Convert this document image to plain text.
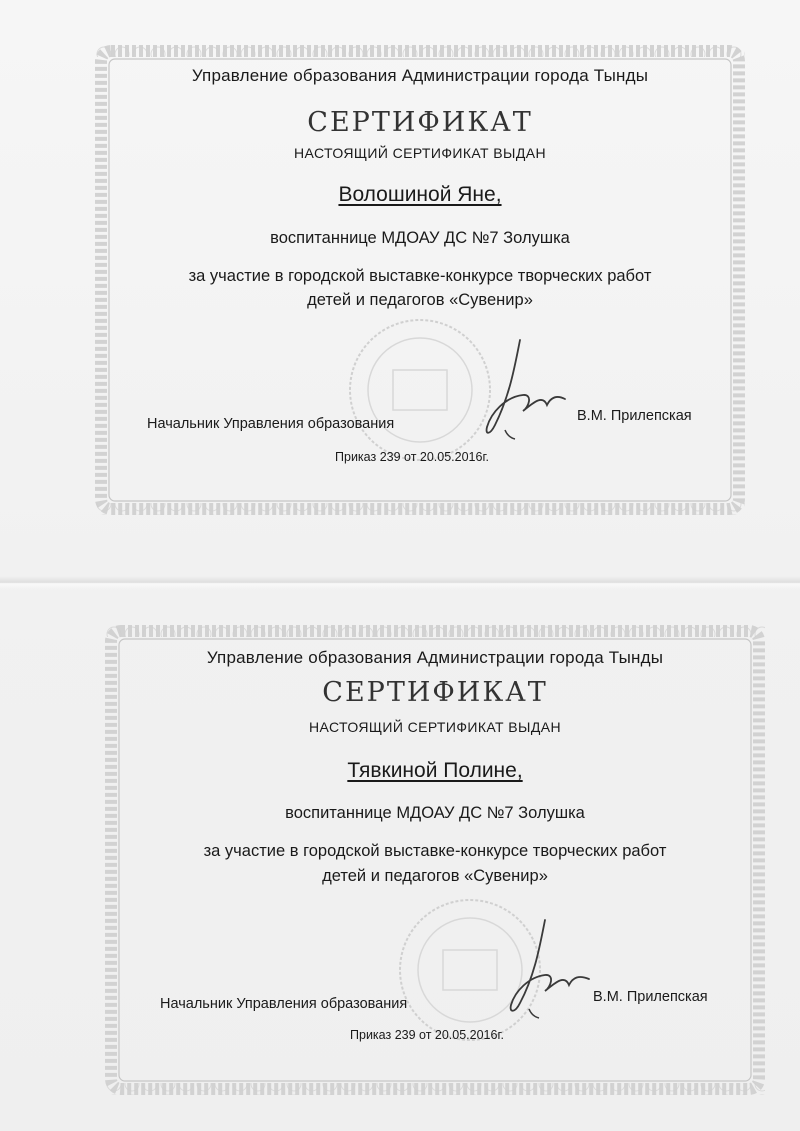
Управление образования Администрации города Тынды
СЕРТИФИКАТ
НАСТОЯЩИЙ СЕРТИФИКАТ ВЫДАН
Волошиной Яне,
воспитаннице МДОАУ ДС №7 Золушка
за участие в городской выставке-конкурсе творческих работ
детей и педагогов «Сувенир»
Начальник Управления образования	В.М. Прилепская
Приказ 239 от 20.05.2016г.
Управление образования Администрации города Тынды
СЕРТИФИКАТ
НАСТОЯЩИЙ СЕРТИФИКАТ ВЫДАН
Тявкиной Полине,
воспитаннице МДОАУ ДС №7 Золушка
за участие в городской выставке-конкурсе творческих работ
детей и педагогов «Сувенир»
Начальник Управления образования	В.М. Прилепская
Приказ 239 от 20.05.2016г.
